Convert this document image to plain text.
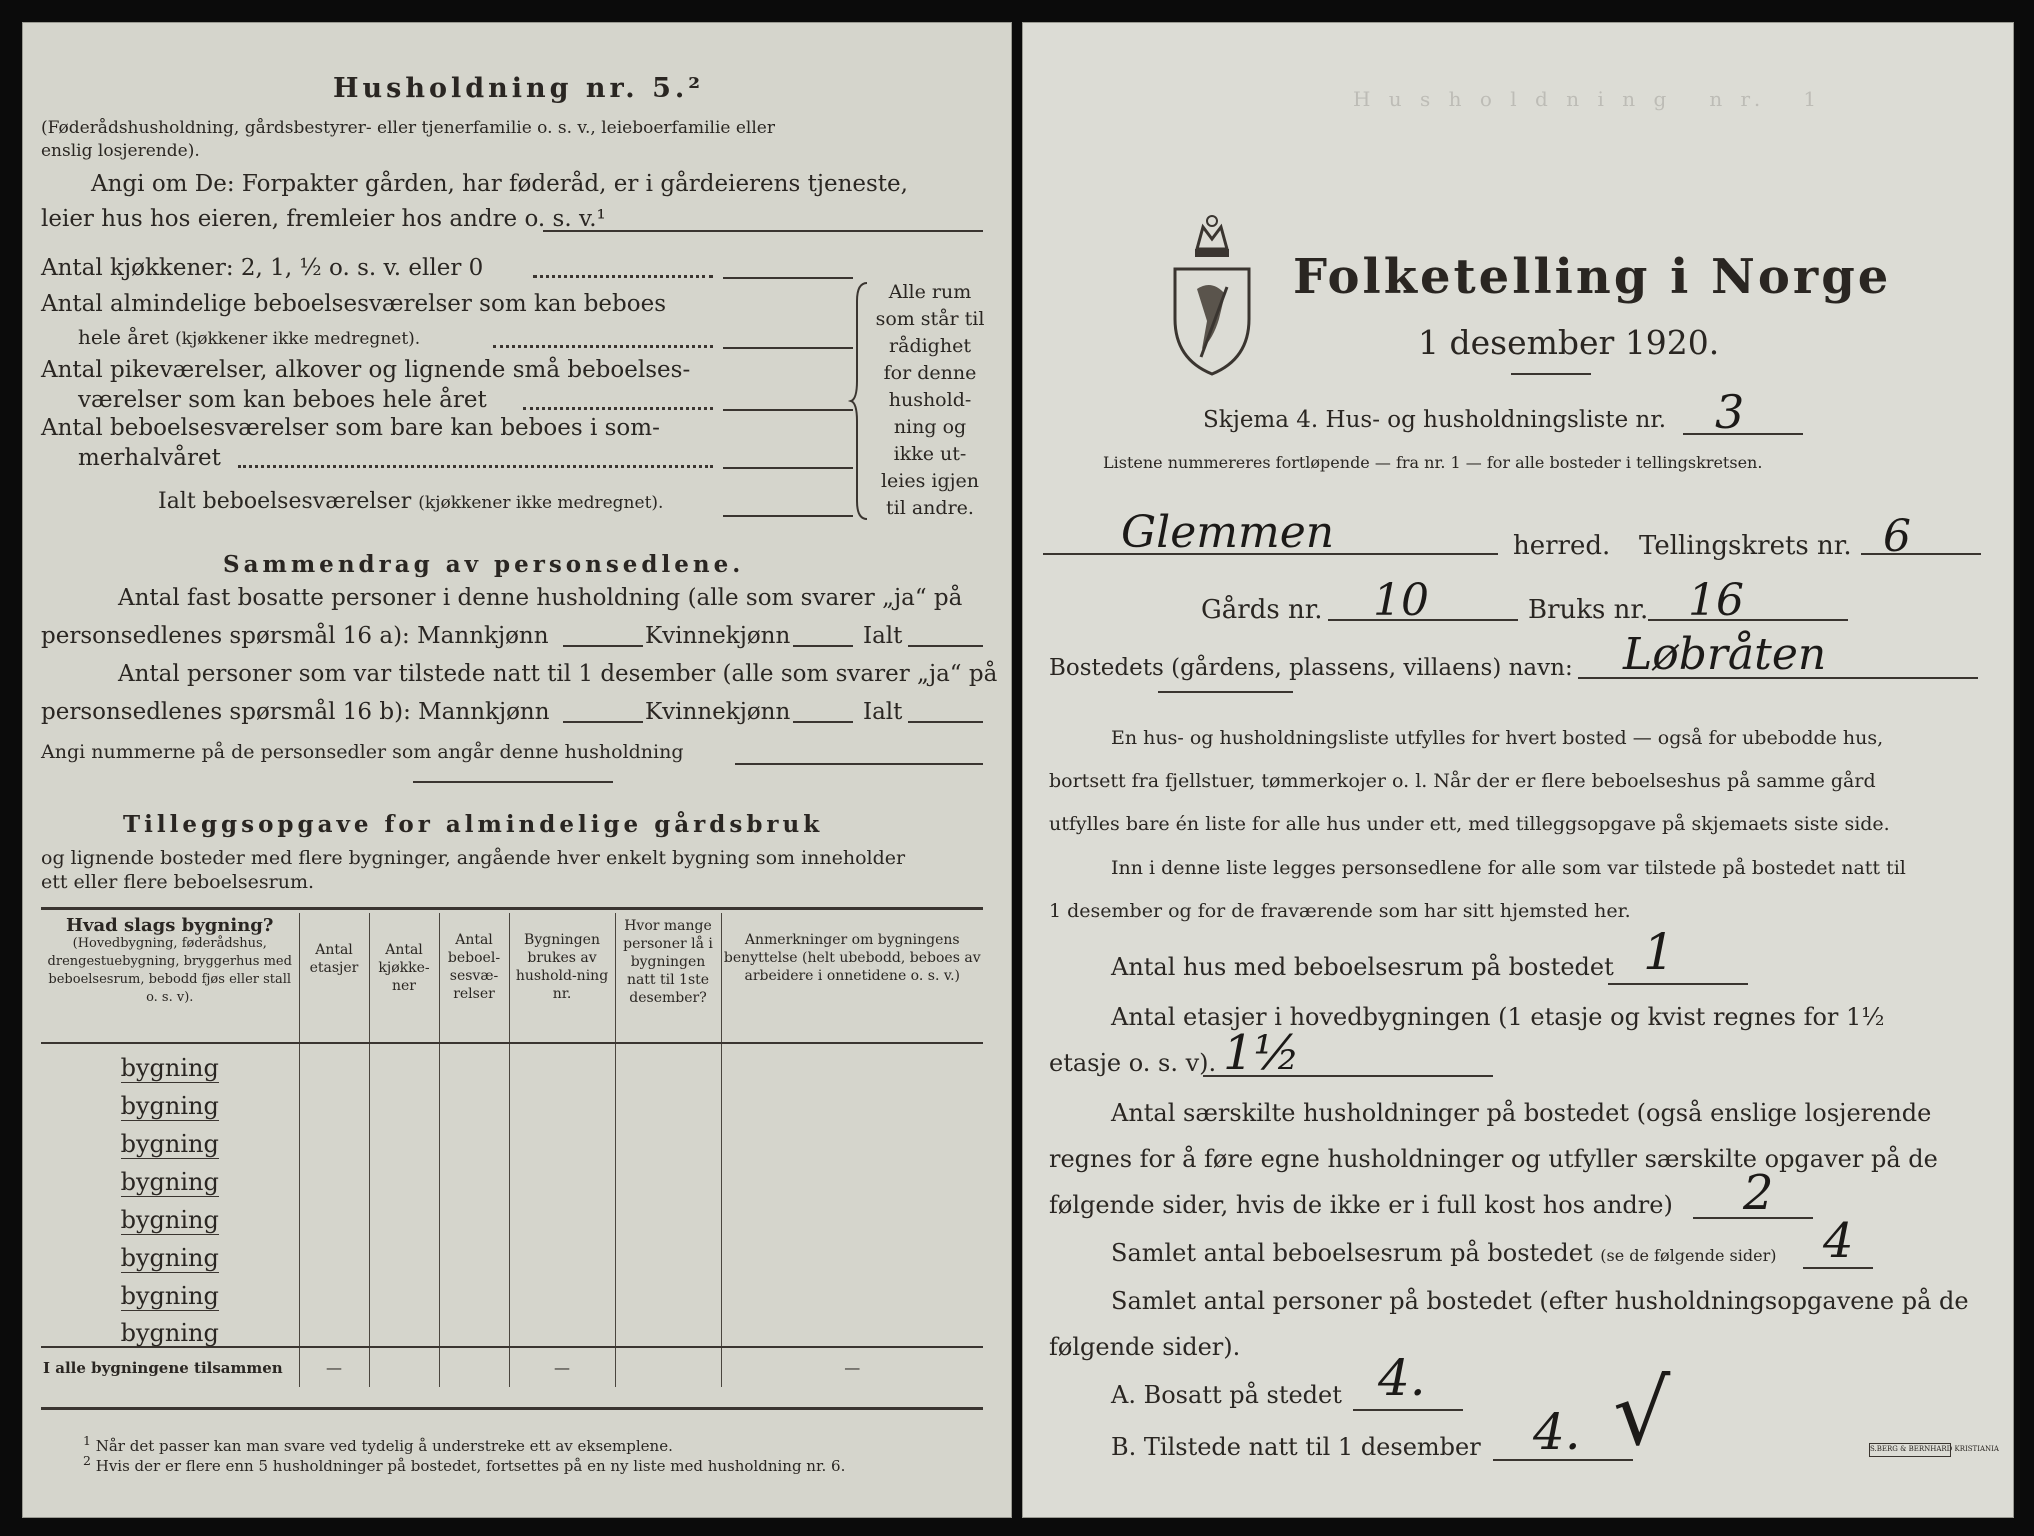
Husholdning nr. 5.²
(Føderådshusholdning, gårdsbestyrer- eller tjenerfamilie o. s. v., leieboerfamilie eller
enslig losjerende).
Angi om De: Forpakter gården, har føderåd, er i gårdeierens tjeneste,
leier hus hos eieren, fremleier hos andre o. s. v.¹
Antal kjøkkener: 2, 1, ½ o. s. v. eller 0
Antal almindelige beboelsesværelser som kan beboes
hele året (kjøkkener ikke medregnet).
Antal pikeværelser, alkover og lignende små beboelses-
værelser som kan beboes hele året
Antal beboelsesværelser som bare kan beboes i som-
merhalvåret
Ialt beboelsesværelser (kjøkkener ikke medregnet).
Alle rum
som står til
rådighet
for denne
hushold-
ning og
ikke ut-
leies igjen
til andre.
Sammendrag av personsedlene.
Antal fast bosatte personer i denne husholdning (alle som svarer „ja“ på
personsedlenes spørsmål 16 a): Mannkjønn	Kvinnekjønn	Ialt
Antal personer som var tilstede natt til 1 desember (alle som svarer „ja“ på
personsedlenes spørsmål 16 b): Mannkjønn	Kvinnekjønn	Ialt
Angi nummerne på de personsedler som angår denne husholdning
Tilleggsopgave for almindelige gårdsbruk
og lignende bosteder med flere bygninger, angående hver enkelt bygning som inneholder
ett eller flere beboelsesrum.
Hvad slags bygning?
(Hovedbygning, føderådshus, drengestuebygning, bryggerhus med beboelsesrum, bebodd fjøs eller stall o. s. v).	Antal etasjer	Antal kjøkke-ner	Antal beboel-sesvæ-relser	Bygningen brukes av hushold-ning nr.	Hvor mange personer lå i bygningen natt til 1ste desember?	Anmerkninger om bygningens benyttelse (helt ubebodd, beboes av arbeidere i onnetidene o. s. v.)

bygning						
bygning						
bygning						
bygning						
bygning						
bygning						
bygning						
bygning						
I alle bygningene tilsammen	—			—		—
$^1$ Når det passer kan man svare ved tydelig å understreke ett av eksemplene.
$^2$ Hvis der er flere enn 5 husholdninger på bostedet, fortsettes på en ny liste med husholdning nr. 6.
H u s h o l d n i n g   n r.   1
Folketelling i Norge
1 desember 1920.
Skjema 4. Hus- og husholdningsliste nr. 3
Listene nummereres fortløpende — fra nr. 1 — for alle bosteder i tellingskretsen.
Glemmen	herred. Tellingskrets nr. 6
Gårds nr. 10	Bruks nr. 16
Bostedets (gårdens, plassens, villaens) navn: Løbråten
En hus- og husholdningsliste utfylles for hvert bosted — også for ubebodde hus,
bortsett fra fjellstuer, tømmerkojer o. l. Når der er flere beboelseshus på samme gård
utfylles bare én liste for alle hus under ett, med tilleggsopgave på skjemaets siste side.
Inn i denne liste legges personsedlene for alle som var tilstede på bostedet natt til
1 desember og for de fraværende som har sitt hjemsted her.
Antal hus med beboelsesrum på bostedet 1
Antal etasjer i hovedbygningen (1 etasje og kvist regnes for 1½
etasje o. s. v). 1½
Antal særskilte husholdninger på bostedet (også enslige losjerende
regnes for å føre egne husholdninger og utfyller særskilte opgaver på de
følgende sider, hvis de ikke er i full kost hos andre) 2
Samlet antal beboelsesrum på bostedet (se de følgende sider) 4
Samlet antal personer på bostedet (efter husholdningsopgavene på de
følgende sider).
A. Bosatt på stedet 4.
B. Tilstede natt til 1 desember 4. √	S.BERG & BERNHARD KRISTIANIA
